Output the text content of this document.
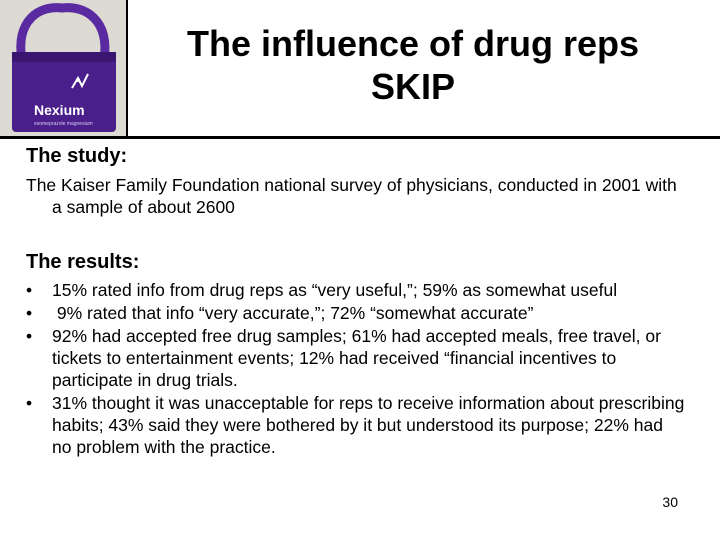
Nexium
esomeprazole magnesium
The influence of drug reps
SKIP
The study:
The Kaiser Family Foundation national survey of physicians, conducted in 2001 with a sample of about 2600
The results:
• 15% rated info from drug reps as “very useful,”; 59% as somewhat useful
• 9% rated that info “very accurate,”; 72% “somewhat accurate”
• 92% had accepted free drug samples; 61% had accepted meals, free travel, or tickets to entertainment events; 12% had received “financial incentives to participate in drug trials.
• 31% thought it was unacceptable for reps to receive information about prescribing habits; 43% said they were bothered by it but understood its purpose; 22% had no problem with the practice.
30
